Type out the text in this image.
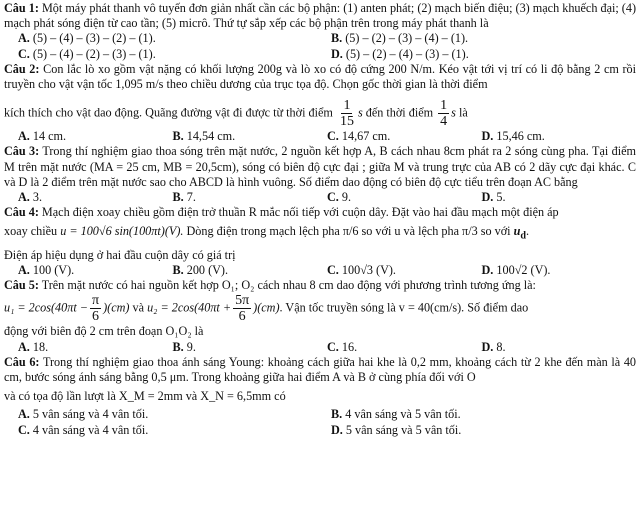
Câu 1: Một máy phát thanh vô tuyến đơn giản nhất cần các bộ phận: (1) anten phát; (2) mạch biến điệu; (3) mạch khuếch đại; (4) mạch phát sóng điện từ cao tần; (5) micrô. Thứ tự sắp xếp các bộ phận trên trong máy phát thanh là

A. (5) – (4) – (3) – (2) – (1).	B. (5) – (2) – (3) – (4) – (1).
C. (5) – (4) – (2) – (3) – (1).	D. (5) – (2) – (4) – (3) – (1).

Câu 2: Con lắc lò xo gồm vật nặng có khối lượng 200g và lò xo có độ cứng 200 N/m. Kéo vật tới vị trí có li độ bằng 2 cm rồi truyền cho vật vận tốc 1,095 m/s theo chiều dương của trục tọa độ. Chọn gốc thời gian là thời điểm

kích thích cho vật dao động. Quãng đường vật đi được từ thời điểm $\frac{1}{15}$ s đến thời điểm $\frac{1}{4}$ s là

A. 14 cm.	B. 14,54 cm.	C. 14,67 cm.	D. 15,46 cm.

Câu 3: Trong thí nghiệm giao thoa sóng trên mặt nước, 2 nguồn kết hợp A, B cách nhau 8cm phát ra 2 sóng cùng pha. Tại điểm M trên mặt nước (MA = 25 cm, MB = 20,5cm), sóng có biên độ cực đại ; giữa M và trung trực của AB có 2 dãy cực đại khác. C và D là 2 điểm trên mặt nước sao cho ABCD là hình vuông. Số điểm dao động có biên độ cực tiểu trên đoạn AC bằng

A. 3.	B. 7.	C. 9.	D. 5.

Câu 4: Mạch điện xoay chiều gồm điện trở thuần R mắc nối tiếp với cuộn dây. Đặt vào hai đầu mạch một điện áp

xoay chiều u = 100√6 sin(100πt)(V). Dòng điện trong mạch lệch pha π/6 so với u và lệch pha π/3 so với $u_d$.

Điện áp hiệu dụng ở hai đầu cuộn dây có giá trị

A. 100 (V).	B. 200 (V).	C. 100√3 (V).	D. 100√2 (V).

Câu 5: Trên mặt nước có hai nguồn kết hợp O₁; O₂ cách nhau 8 cm dao động với phương trình tương ứng là:

$u_1 = 2\cos(40\pi t - \frac{\pi}{6} )(cm)$ và $u_2 = 2\cos(40\pi t + \frac{5\pi}{6} )(cm)$. Vận tốc truyền sóng là v = 40(cm/s). Số điểm dao

động với biên độ 2 cm trên đoạn O₁O₂ là

A. 18.	B. 9.	C. 16.	D. 8.

Câu 6: Trong thí nghiệm giao thoa ánh sáng Young: khoảng cách giữa hai khe là 0,2 mm, khoảng cách từ 2 khe đến màn là 40 cm, bước sóng ánh sáng bằng 0,5 μm. Trong khoảng giữa hai điểm A và B ở cùng phía đối với O

và có tọa độ lần lượt là X_M = 2mm và X_N = 6,5mm có

A. 5 vân sáng và 4 vân tối.	B. 4 vân sáng và 5 vân tối.
C. 4 vân sáng và 4 vân tối.	D. 5 vân sáng và 5 vân tối.
